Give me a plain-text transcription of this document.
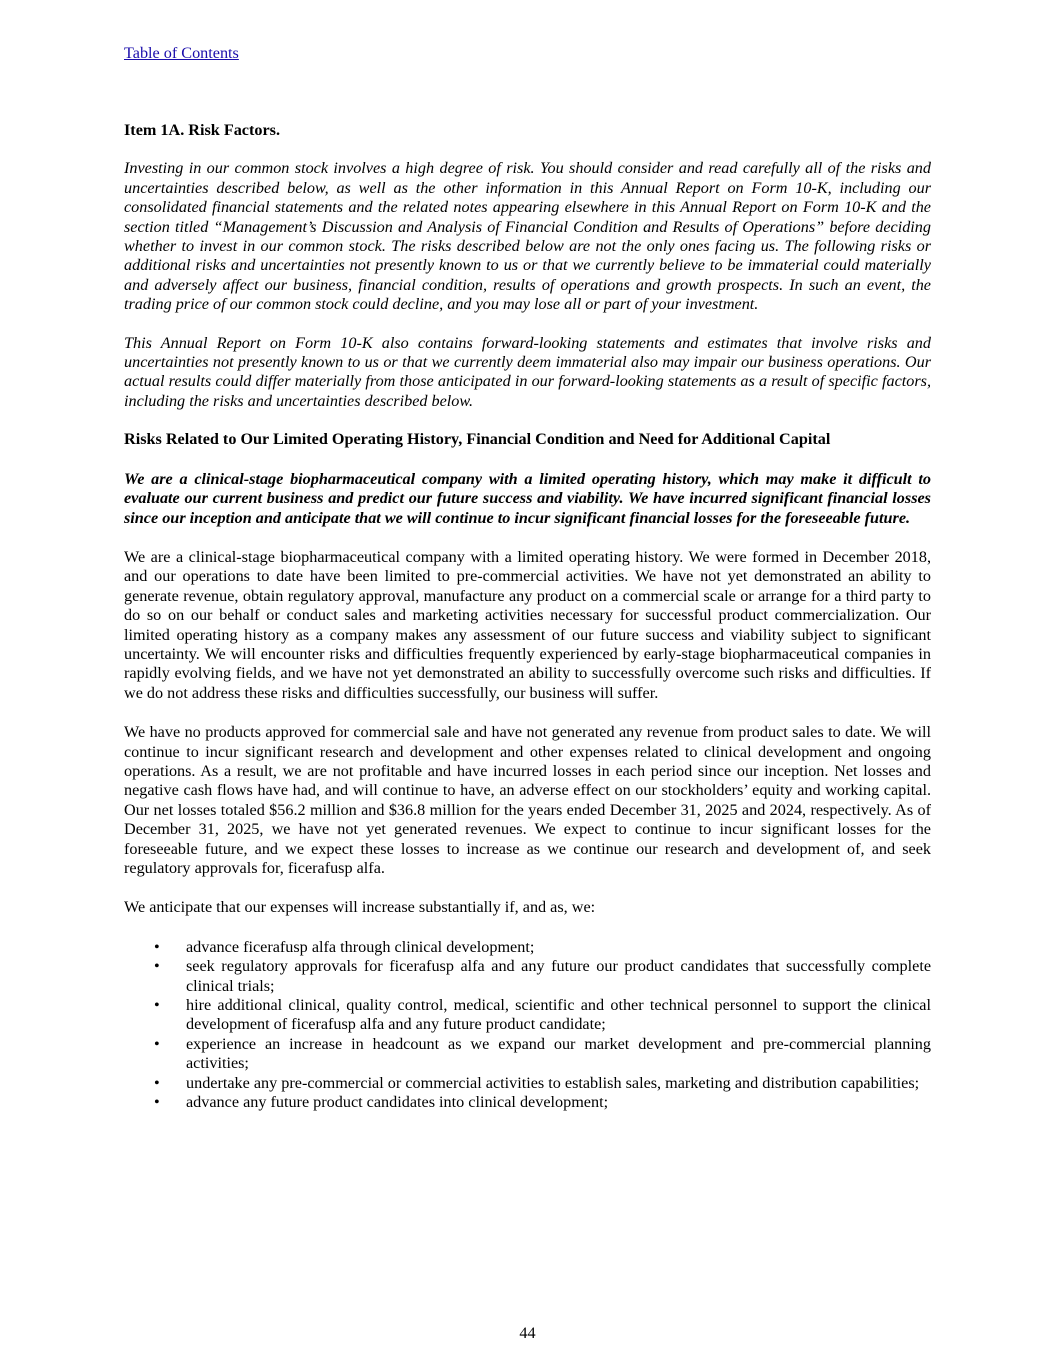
Table of Contents

Item 1A. Risk Factors.

Investing in our common stock involves a high degree of risk. You should consider and read carefully all of the risks and uncertainties described below, as well as the other information in this Annual Report on Form 10-K, including our consolidated financial statements and the related notes appearing elsewhere in this Annual Report on Form 10-K and the section titled “Management’s Discussion and Analysis of Financial Condition and Results of Operations” before deciding whether to invest in our common stock. The risks described below are not the only ones facing us. The following risks or additional risks and uncertainties not presently known to us or that we currently believe to be immaterial could materially and adversely affect our business, financial condition, results of operations and growth prospects. In such an event, the trading price of our common stock could decline, and you may lose all or part of your investment.

This Annual Report on Form 10-K also contains forward-looking statements and estimates that involve risks and uncertainties not presently known to us or that we currently deem immaterial also may impair our business operations. Our actual results could differ materially from those anticipated in our forward-looking statements as a result of specific factors, including the risks and uncertainties described below.

Risks Related to Our Limited Operating History, Financial Condition and Need for Additional Capital

We are a clinical-stage biopharmaceutical company with a limited operating history, which may make it difficult to evaluate our current business and predict our future success and viability. We have incurred significant financial losses since our inception and anticipate that we will continue to incur significant financial losses for the foreseeable future.

We are a clinical-stage biopharmaceutical company with a limited operating history. We were formed in December 2018, and our operations to date have been limited to pre-commercial activities. We have not yet demonstrated an ability to generate revenue, obtain regulatory approval, manufacture any product on a commercial scale or arrange for a third party to do so on our behalf or conduct sales and marketing activities necessary for successful product commercialization. Our limited operating history as a company makes any assessment of our future success and viability subject to significant uncertainty. We will encounter risks and difficulties frequently experienced by early-stage biopharmaceutical companies in rapidly evolving fields, and we have not yet demonstrated an ability to successfully overcome such risks and difficulties. If we do not address these risks and difficulties successfully, our business will suffer.

We have no products approved for commercial sale and have not generated any revenue from product sales to date. We will continue to incur significant research and development and other expenses related to clinical development and ongoing operations. As a result, we are not profitable and have incurred losses in each period since our inception. Net losses and negative cash flows have had, and will continue to have, an adverse effect on our stockholders’ equity and working capital. Our net losses totaled $56.2 million and $36.8 million for the years ended December 31, 2025 and 2024, respectively. As of December 31, 2025, we have not yet generated revenues. We expect to continue to incur significant losses for the foreseeable future, and we expect these losses to increase as we continue our research and development of, and seek regulatory approvals for, ficerafusp alfa.

We anticipate that our expenses will increase substantially if, and as, we:

• advance ficerafusp alfa through clinical development;
• seek regulatory approvals for ficerafusp alfa and any future our product candidates that successfully complete clinical trials;
• hire additional clinical, quality control, medical, scientific and other technical personnel to support the clinical development of ficerafusp alfa and any future product candidate;
• experience an increase in headcount as we expand our market development and pre-commercial planning activities;
• undertake any pre-commercial or commercial activities to establish sales, marketing and distribution capabilities;
• advance any future product candidates into clinical development;
44
